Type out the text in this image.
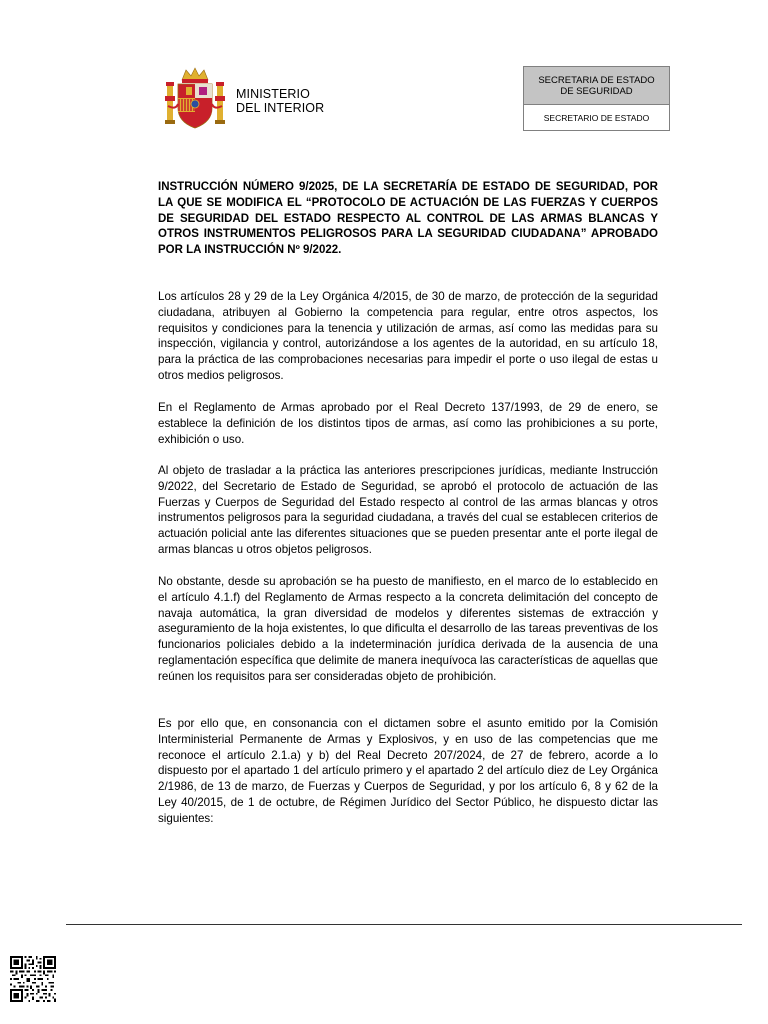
MINISTERIO
DEL INTERIOR
SECRETARIA DE ESTADO
DE SEGURIDAD
SECRETARIO DE ESTADO
INSTRUCCIÓN NÚMERO 9/2025, DE LA SECRETARÍA DE ESTADO DE SEGURIDAD, POR LA QUE SE MODIFICA EL “PROTOCOLO DE ACTUACIÓN DE LAS FUERZAS Y CUERPOS DE SEGURIDAD DEL ESTADO RESPECTO AL CONTROL DE LAS ARMAS BLANCAS Y OTROS INSTRUMENTOS PELIGROSOS PARA LA SEGURIDAD CIUDADANA” APROBADO POR LA INSTRUCCIÓN Nº 9/2022.

Los artículos 28 y 29 de la Ley Orgánica 4/2015, de 30 de marzo, de protección de la seguridad ciudadana, atribuyen al Gobierno la competencia para regular, entre otros aspectos, los requisitos y condiciones para la tenencia y utilización de armas, así como las medidas para su inspección, vigilancia y control, autorizándose a los agentes de la autoridad, en su artículo 18, para la práctica de las comprobaciones necesarias para impedir el porte o uso ilegal de estas u otros medios peligrosos.

En el Reglamento de Armas aprobado por el Real Decreto 137/1993, de 29 de enero, se establece la definición de los distintos tipos de armas, así como las prohibiciones a su porte, exhibición o uso.

Al objeto de trasladar a la práctica las anteriores prescripciones jurídicas, mediante Instrucción 9/2022, del Secretario de Estado de Seguridad, se aprobó el protocolo de actuación de las Fuerzas y Cuerpos de Seguridad del Estado respecto al control de las armas blancas y otros instrumentos peligrosos para la seguridad ciudadana, a través del cual se establecen criterios de actuación policial ante las diferentes situaciones que se pueden presentar ante el porte ilegal de armas blancas u otros objetos peligrosos.

No obstante, desde su aprobación se ha puesto de manifiesto, en el marco de lo establecido en el artículo 4.1.f) del Reglamento de Armas respecto a la concreta delimitación del concepto de navaja automática, la gran diversidad de modelos y diferentes sistemas de extracción y aseguramiento de la hoja existentes, lo que dificulta el desarrollo de las tareas preventivas de los funcionarios policiales debido a la indeterminación jurídica derivada de la ausencia de una reglamentación específica que delimite de manera inequívoca las características de aquellas que reúnen los requisitos para ser consideradas objeto de prohibición.

Es por ello que, en consonancia con el dictamen sobre el asunto emitido por la Comisión Interministerial Permanente de Armas y Explosivos, y en uso de las competencias que me reconoce el artículo 2.1.a) y b) del Real Decreto 207/2024, de 27 de febrero, acorde a lo dispuesto por el apartado 1 del artículo primero y el apartado 2 del artículo diez de Ley Orgánica 2/1986, de 13 de marzo, de Fuerzas y Cuerpos de Seguridad, y por los artículo 6, 8 y 62 de la Ley 40/2015, de 1 de octubre, de Régimen Jurídico del Sector Público, he dispuesto dictar las siguientes:
